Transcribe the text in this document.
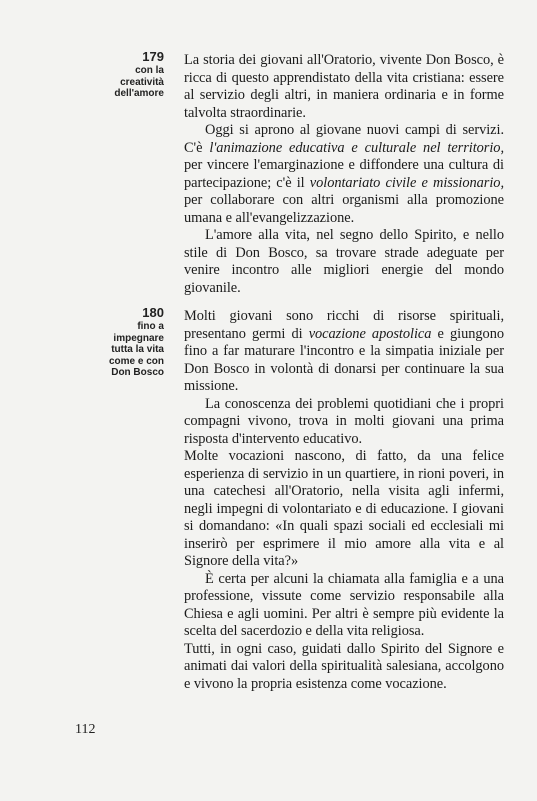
179
con la
creatività
dell'amore

La storia dei giovani all'Oratorio, vivente Don Bosco, è ricca di questo apprendistato della vita cristiana: essere al servizio degli altri, in maniera ordinaria e in forme talvolta straordinarie.

Oggi si aprono al giovane nuovi campi di servizi. C'è l'animazione educativa e culturale nel territorio, per vincere l'emarginazione e diffondere una cultura di partecipazione; c'è il volontariato civile e missionario, per collaborare con altri organismi alla promozione umana e all'evangelizzazione.

L'amore alla vita, nel segno dello Spirito, e nello stile di Don Bosco, sa trovare strade adeguate per venire incontro alle migliori energie del mondo giovanile.

180
fino a
impegnare
tutta la vita
come e con
Don Bosco

Molti giovani sono ricchi di risorse spirituali, presentano germi di vocazione apostolica e giungono fino a far maturare l'incontro e la simpatia iniziale per Don Bosco in volontà di donarsi per continuare la sua missione.

La conoscenza dei problemi quotidiani che i propri compagni vivono, trova in molti giovani una prima risposta d'intervento educativo.

Molte vocazioni nascono, di fatto, da una felice esperienza di servizio in un quartiere, in rioni poveri, in una catechesi all'Oratorio, nella visita agli infermi, negli impegni di volontariato e di educazione. I giovani si domandano: «In quali spazi sociali ed ecclesiali mi inserirò per esprimere il mio amore alla vita e al Signore della vita?»

È certa per alcuni la chiamata alla famiglia e a una professione, vissute come servizio responsabile alla Chiesa e agli uomini. Per altri è sempre più evidente la scelta del sacerdozio e della vita religiosa.

Tutti, in ogni caso, guidati dallo Spirito del Signore e animati dai valori della spiritualità salesiana, accolgono e vivono la propria esistenza come vocazione.

112
